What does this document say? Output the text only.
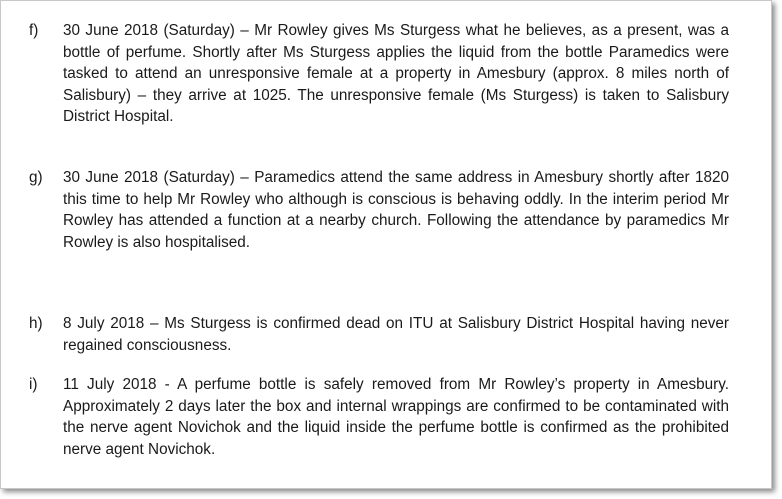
f)	30 June 2018 (Saturday) – Mr Rowley gives Ms Sturgess what he believes, as a present, was a bottle of perfume. Shortly after Ms Sturgess applies the liquid from the bottle Paramedics were tasked to attend an unresponsive female at a property in Amesbury (approx. 8 miles north of Salisbury) – they arrive at 1025. The unresponsive female (Ms Sturgess) is taken to Salisbury District Hospital.
g)	30 June 2018 (Saturday) – Paramedics attend the same address in Amesbury shortly after 1820 this time to help Mr Rowley who although is conscious is behaving oddly. In the interim period Mr Rowley has attended a function at a nearby church. Following the attendance by paramedics Mr Rowley is also hospitalised.
h)	8 July 2018 – Ms Sturgess is confirmed dead on ITU at Salisbury District Hospital having never regained consciousness.
i)	11 July 2018 - A perfume bottle is safely removed from Mr Rowley’s property in Amesbury. Approximately 2 days later the box and internal wrappings are confirmed to be contaminated with the nerve agent Novichok and the liquid inside the perfume bottle is confirmed as the prohibited nerve agent Novichok.
